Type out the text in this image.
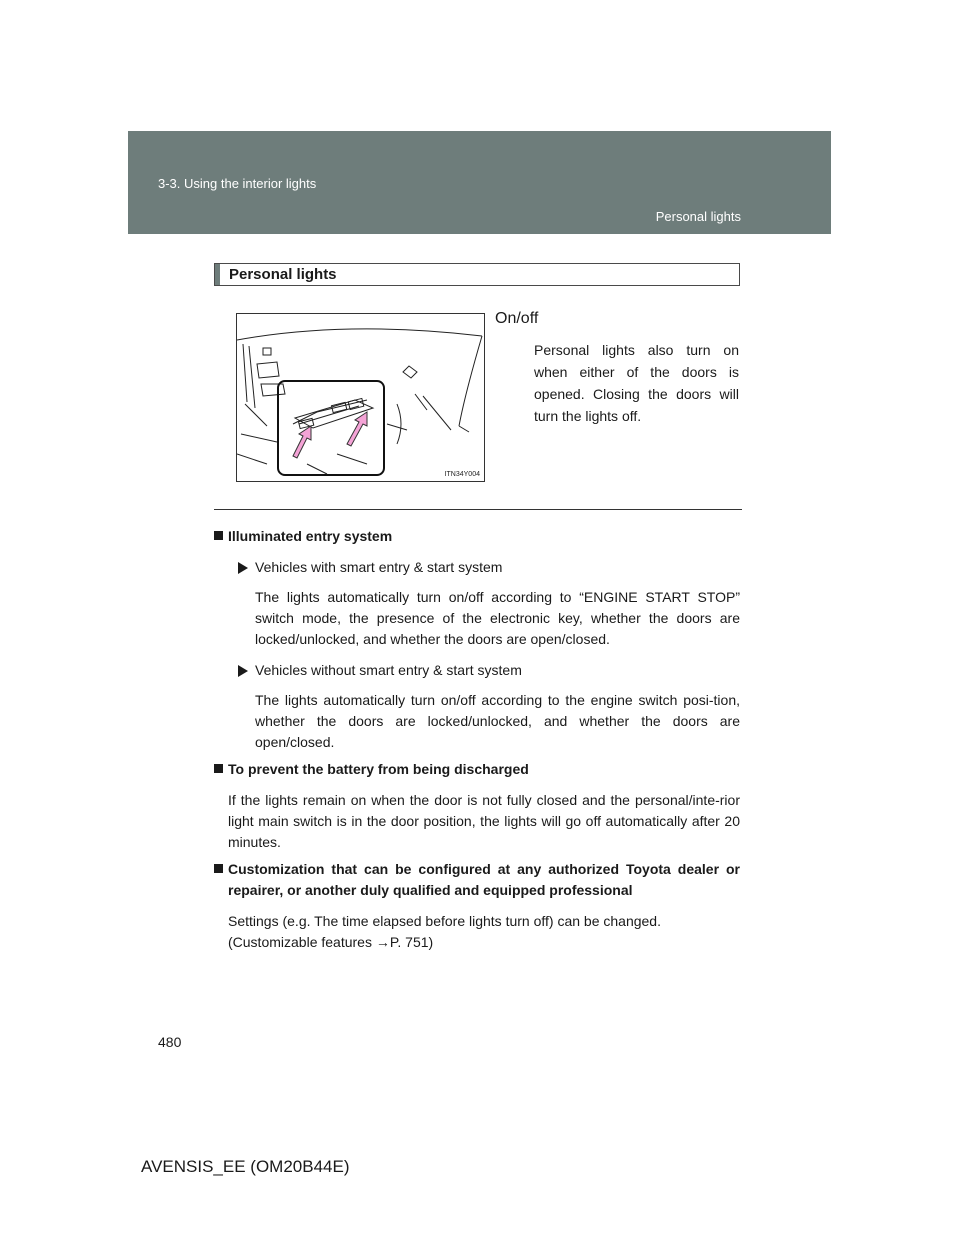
3-3. Using the interior lights
Personal lights
Personal lights
ITN34Y004
On/off
Personal lights also turn on when either of the doors is opened. Closing the doors will turn the lights off.
Illuminated entry system
Vehicles with smart entry & start system
The lights automatically turn on/off according to “ENGINE START STOP” switch mode, the presence of the electronic key, whether the doors are locked/unlocked, and whether the doors are open/closed.
Vehicles without smart entry & start system
The lights automatically turn on/off according to the engine switch posi-tion, whether the doors are locked/unlocked, and whether the doors are open/closed.
To prevent the battery from being discharged
If the lights remain on when the door is not fully closed and the personal/inte-rior light main switch is in the door position, the lights will go off automatically after 20 minutes.
Customization that can be configured at any authorized Toyota dealer or repairer, or another duly qualified and equipped professional
Settings (e.g. The time elapsed before lights turn off) can be changed.
(Customizable features →P. 751)
480
AVENSIS_EE (OM20B44E)
